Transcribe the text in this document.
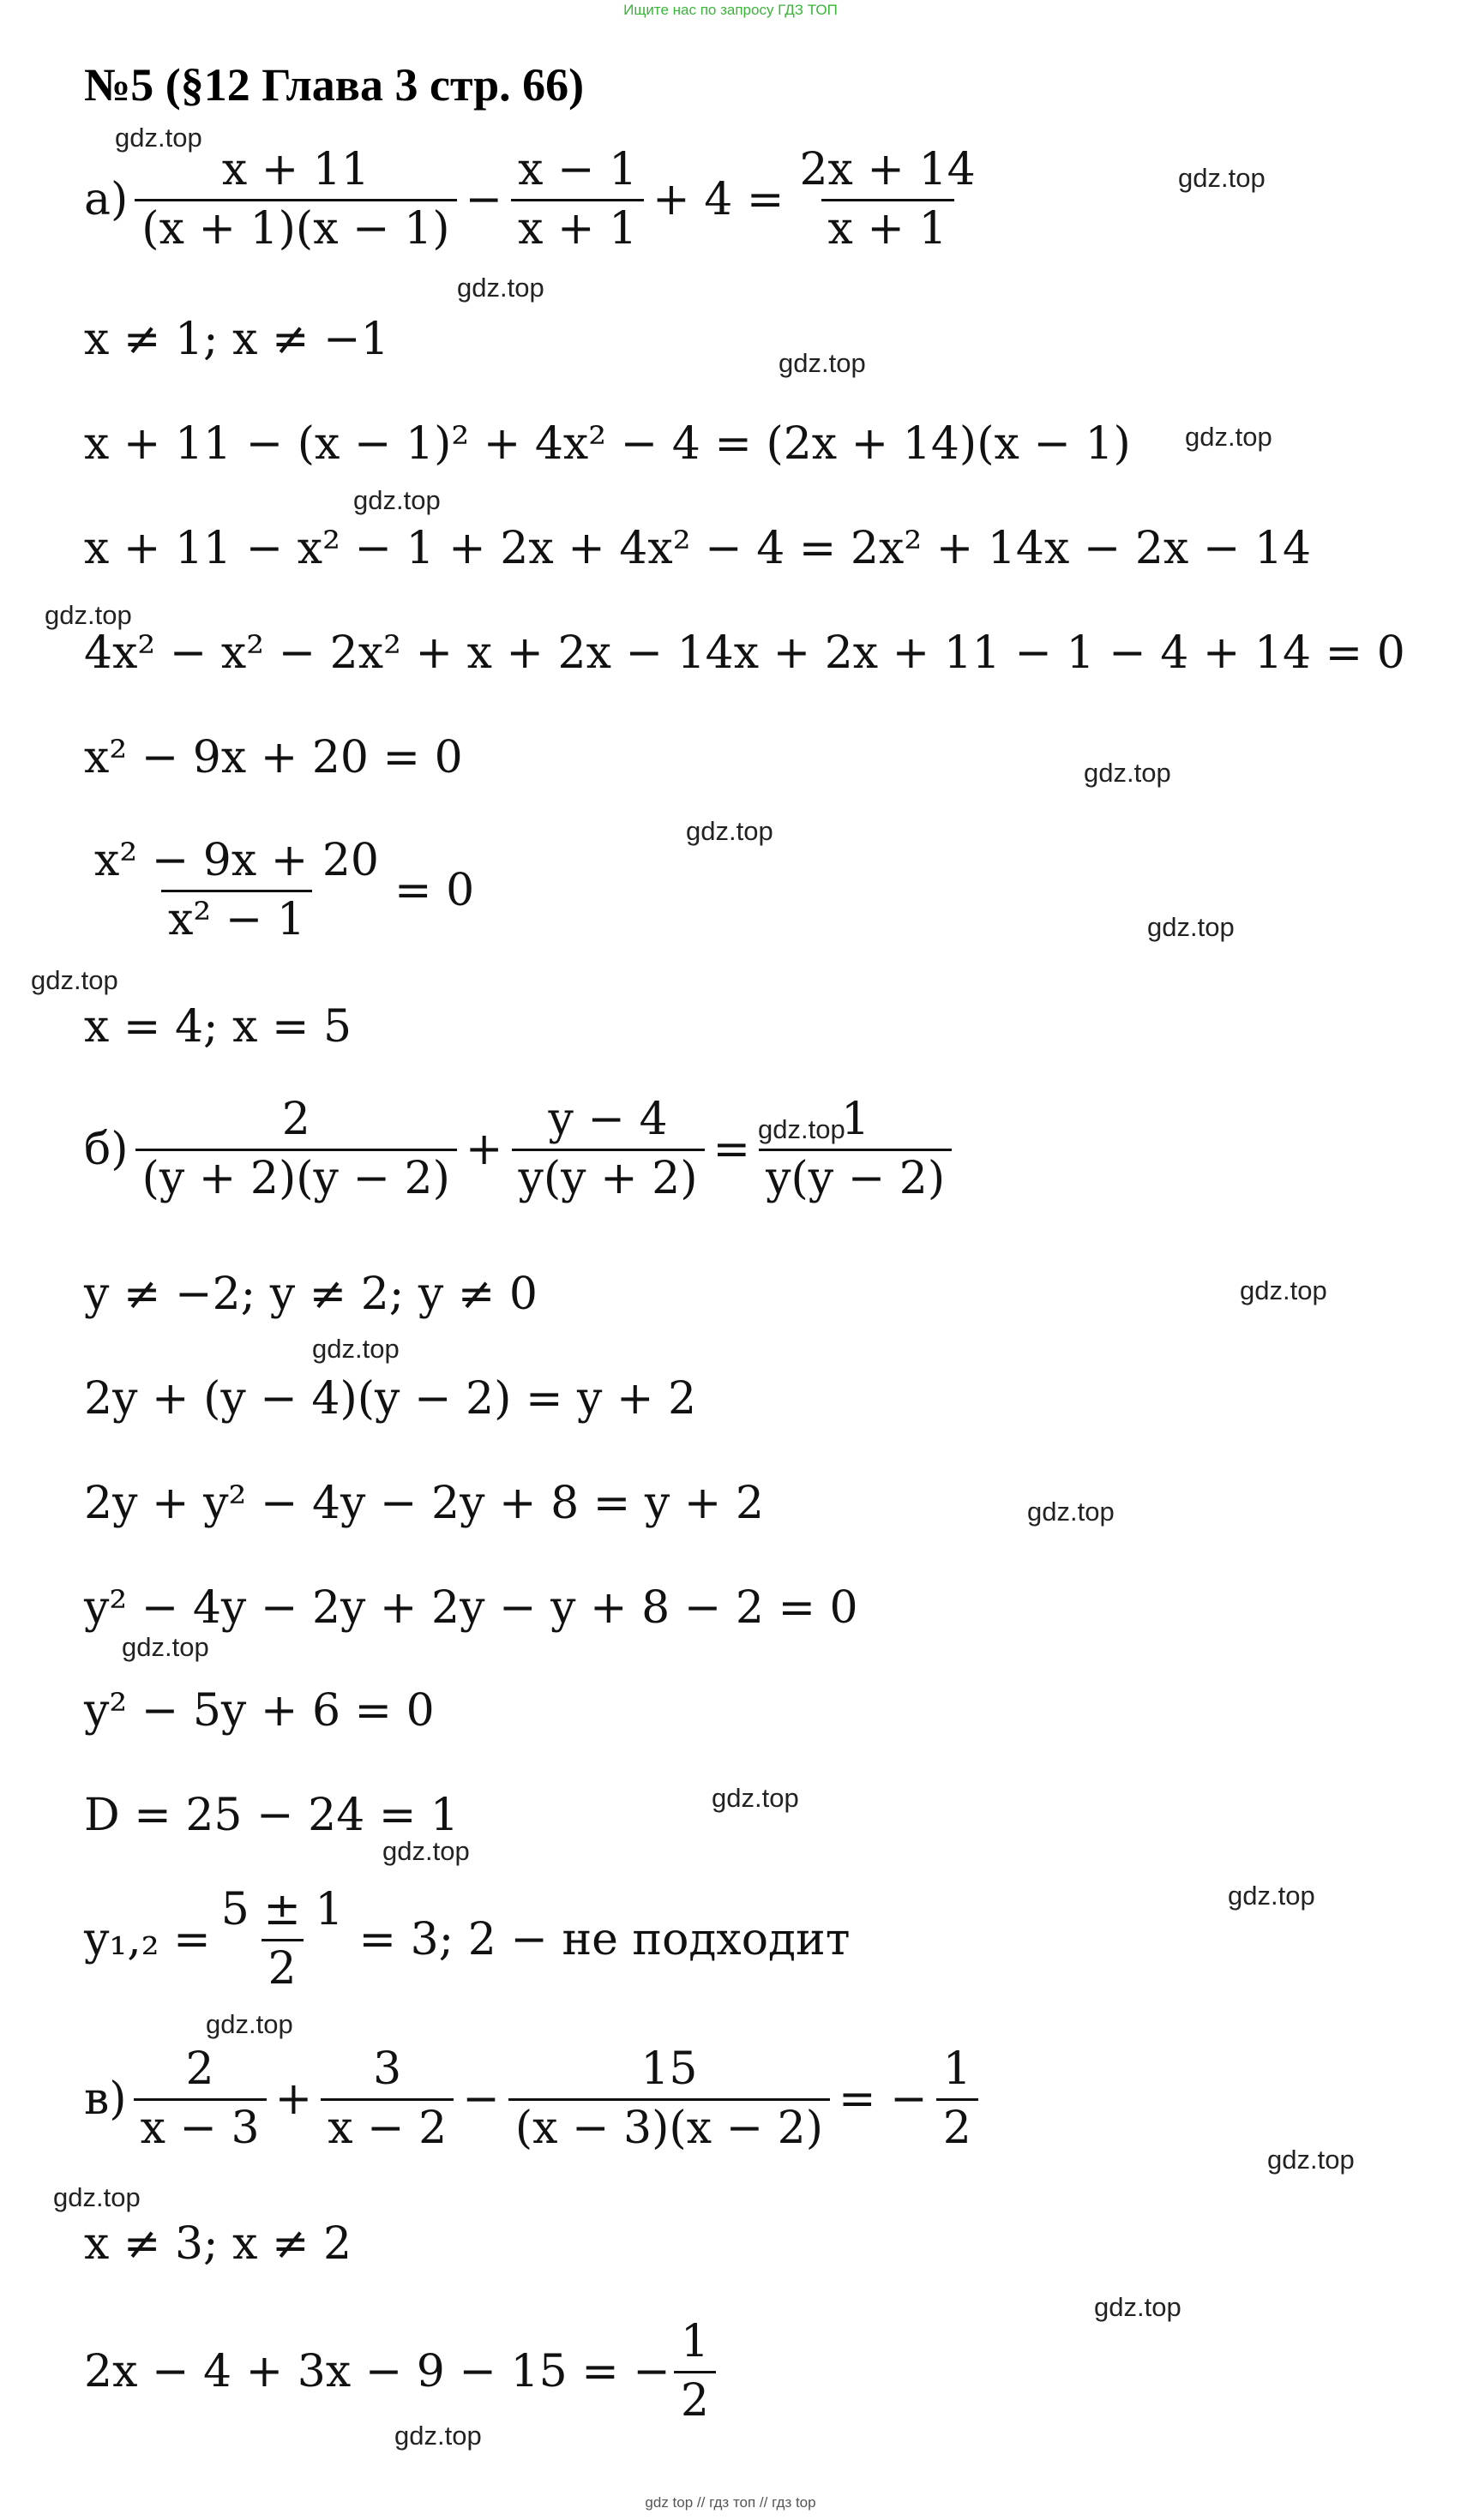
Ищите нас по запросу ГДЗ ТОП
№5 (§12 Глава 3 стр. 66)
gdz.top
gdz.top
gdz.top
gdz.top
gdz.top
gdz.top
gdz.top
gdz.top
gdz.top
gdz.top
gdz.top
gdz.top
gdz.top
gdz.top
gdz.top
gdz.top
gdz.top
gdz.top
gdz.top
gdz.top
gdz.top
gdz.top
gdz.top
gdz.top
$а) \frac{x + 11}{(x + 1)(x - 1)} - \frac{x - 1}{x + 1} + 4 = \frac{2x + 14}{x + 1}$
x ≠ 1; x ≠ −1
x + 11 − (x − 1)² + 4x² − 4 = (2x + 14)(x − 1)
x + 11 − x² − 1 + 2x + 4x² − 4 = 2x² + 14x − 2x − 14
4x² − x² − 2x² + x + 2x − 14x + 2x + 11 − 1 − 4 + 14 = 0
x² − 9x + 20 = 0
$\frac{\text{x² − 9x + 20}}{\text{x² − 1}} = 0$
x = 4; x = 5
$б) \frac{2}{(y + 2)(y - 2)} + \frac{y - 4}{y(y + 2)} = \frac{1}{y(y - 2)}$
y ≠ −2; y ≠ 2; y ≠ 0
2y + (y − 4)(y − 2) = y + 2
2y + y² − 4y − 2y + 8 = y + 2
y² − 4y − 2y + 2y − y + 8 − 2 = 0
y² − 5y + 6 = 0
D = 25 − 24 = 1
$y_1,_2 = \frac{5 \pm 1}{2} = 3$; 2 − не подходит
$в) \frac{2}{x - 3} + \frac{3}{x - 2} - \frac{15}{(x - 3)(x - 2)}$ = − $\frac{1}{2}$
x ≠ 3; x ≠ 2
2x − 4 + 3x − 9 − 15 = − $\frac{1}{2}$
gdz top // гдз топ // гдз top
